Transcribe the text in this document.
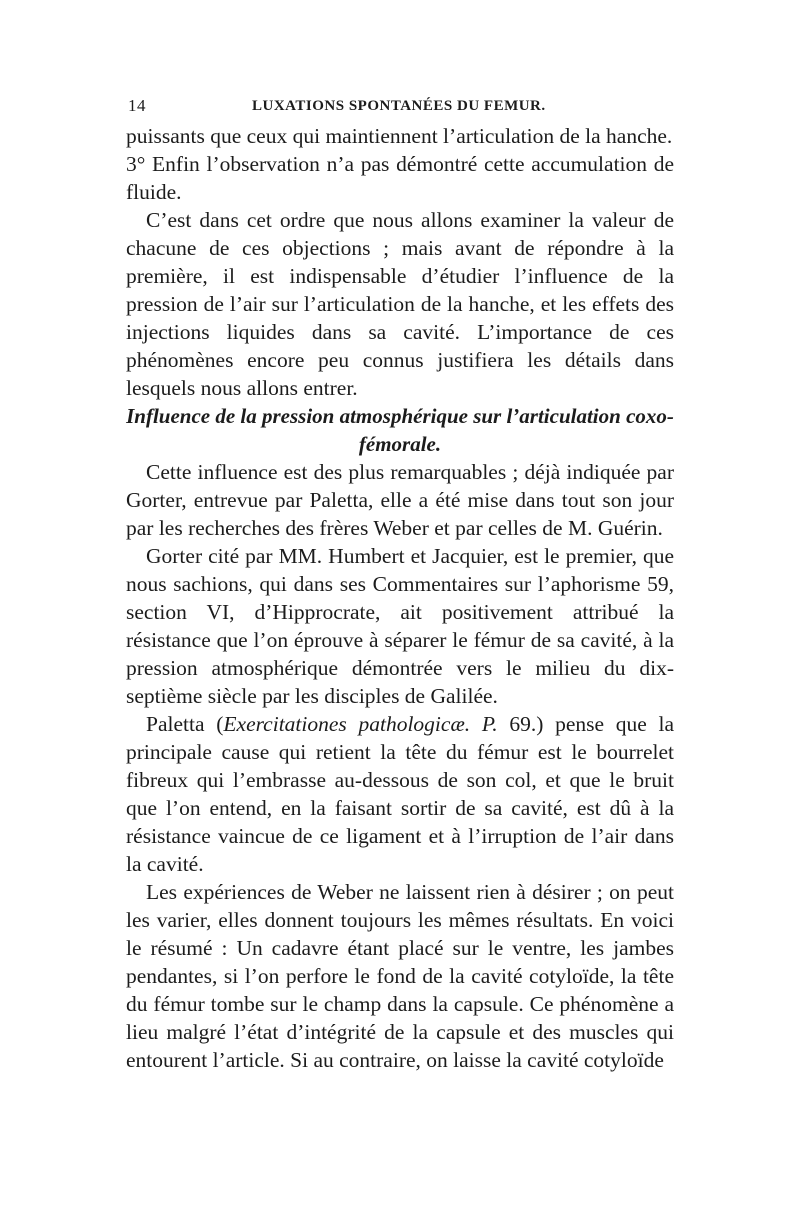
14	LUXATIONS SPONTANÉES DU FEMUR.

puissants que ceux qui maintiennent l’articulation de la hanche.

3° Enfin l’observation n’a pas démontré cette accumulation de fluide.

C’est dans cet ordre que nous allons examiner la valeur de chacune de ces objections ; mais avant de répondre à la première, il est indispensable d’étudier l’influence de la pression de l’air sur l’articulation de la hanche, et les effets des injections liquides dans sa cavité. L’importance de ces phénomènes encore peu connus justifiera les détails dans lesquels nous allons entrer.

Influence de la pression atmosphérique sur l’articulation coxo-fémorale.

Cette influence est des plus remarquables ; déjà indiquée par Gorter, entrevue par Paletta, elle a été mise dans tout son jour par les recherches des frères Weber et par celles de M. Guérin.

Gorter cité par MM. Humbert et Jacquier, est le premier, que nous sachions, qui dans ses Commentaires sur l’aphorisme 59, section VI, d’Hipprocrate, ait positivement attribué la résistance que l’on éprouve à séparer le fémur de sa cavité, à la pression atmosphérique démontrée vers le milieu du dix-septième siècle par les disciples de Galilée.

Paletta (Exercitationes pathologicæ. P. 69.) pense que la principale cause qui retient la tête du fémur est le bourrelet fibreux qui l’embrasse au-dessous de son col, et que le bruit que l’on entend, en la faisant sortir de sa cavité, est dû à la résistance vaincue de ce ligament et à l’irruption de l’air dans la cavité.

Les expériences de Weber ne laissent rien à désirer ; on peut les varier, elles donnent toujours les mêmes résultats. En voici le résumé : Un cadavre étant placé sur le ventre, les jambes pendantes, si l’on perfore le fond de la cavité cotyloïde, la tête du fémur tombe sur le champ dans la capsule. Ce phénomène a lieu malgré l’état d’intégrité de la capsule et des muscles qui entourent l’article. Si au contraire, on laisse la cavité cotyloïde
